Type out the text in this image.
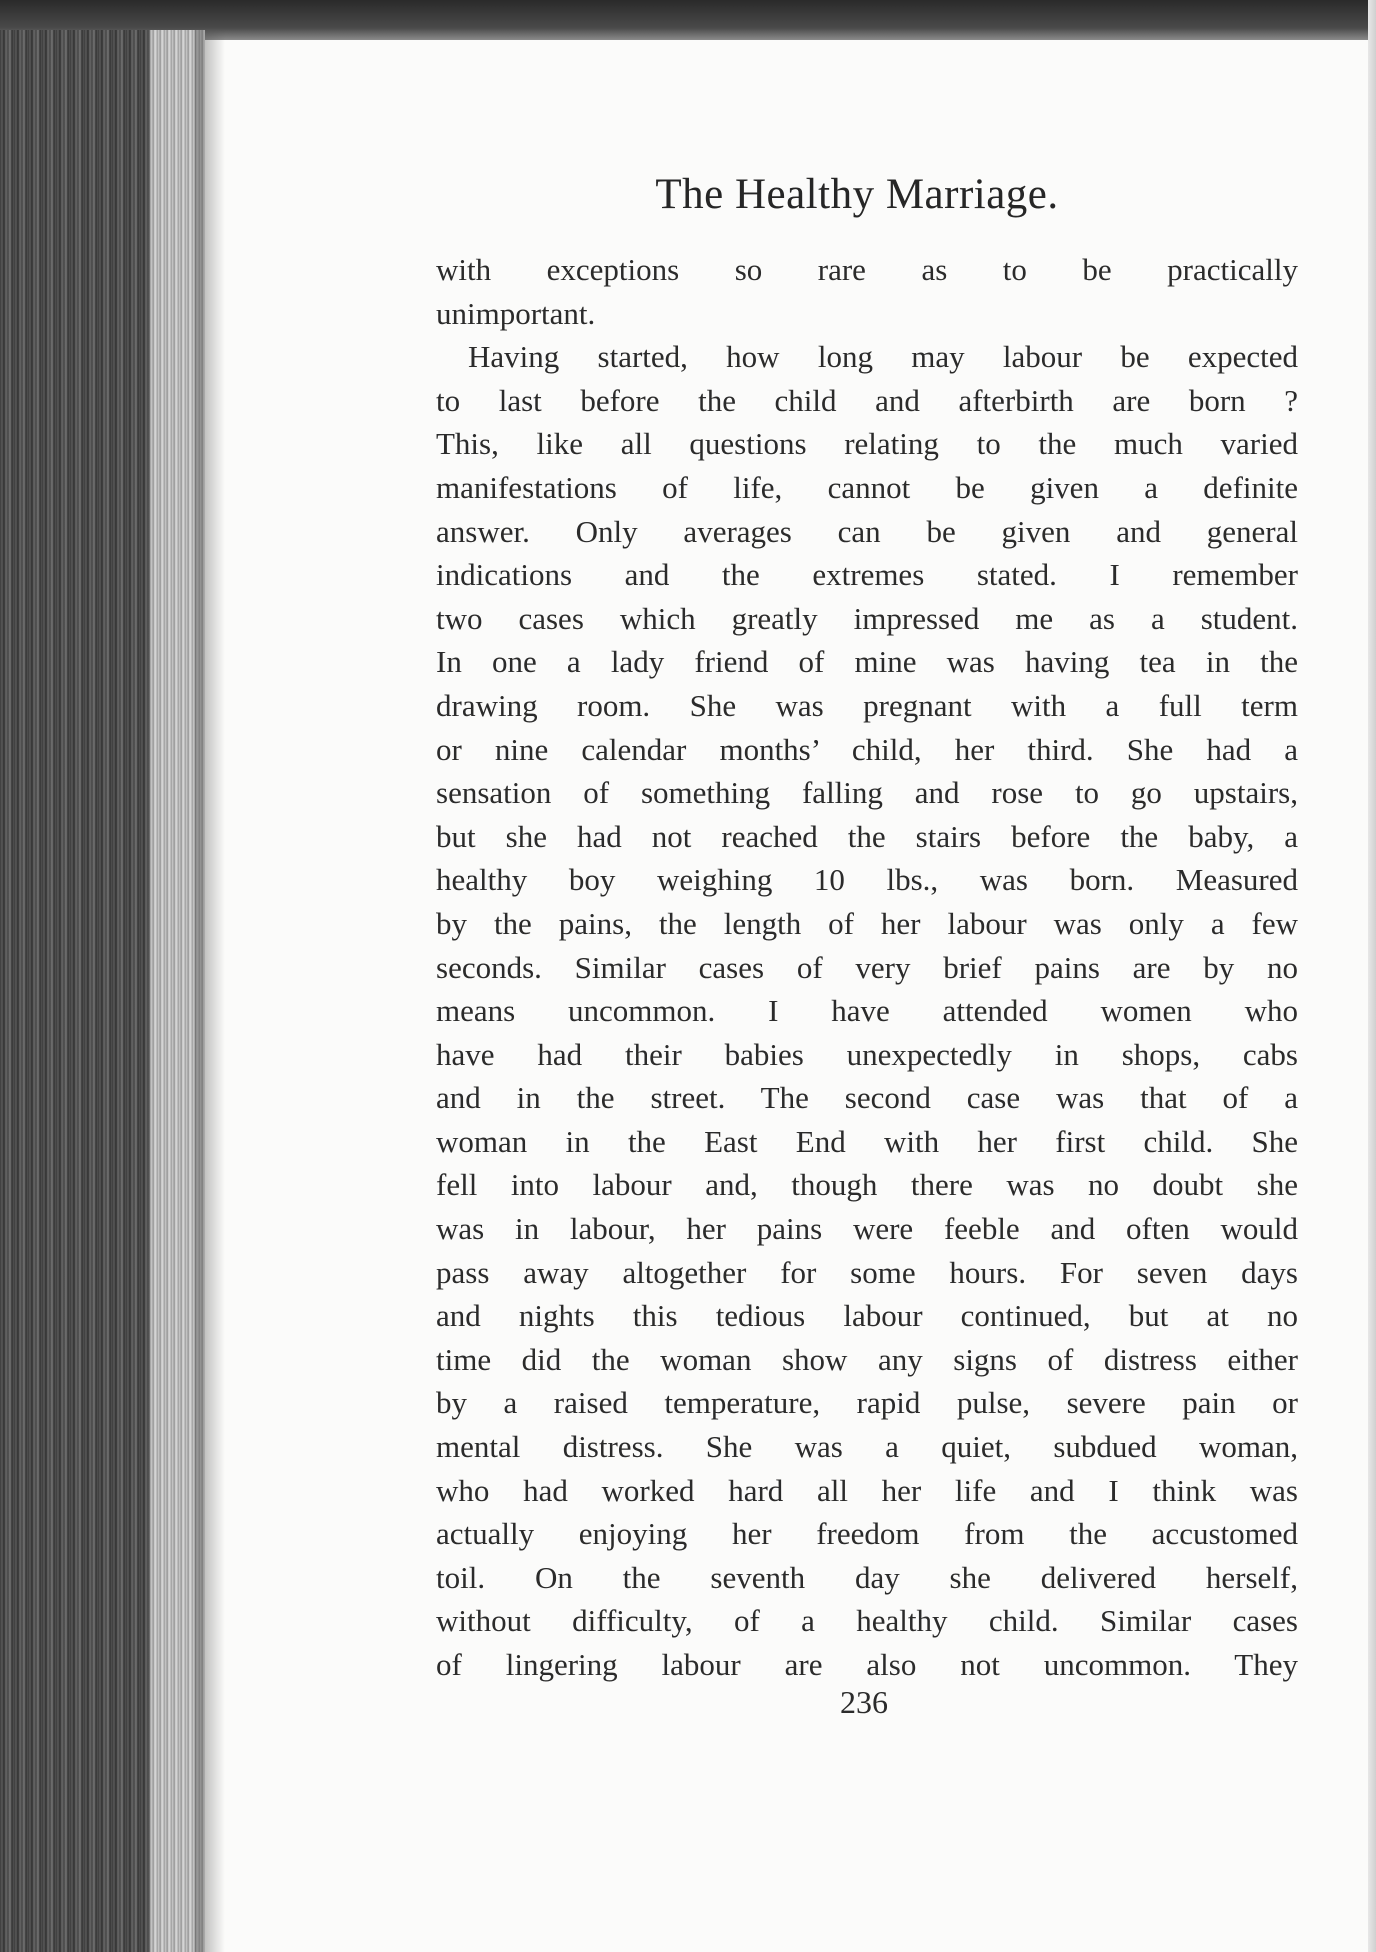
The Healthy Marriage.
with exceptions so rare as to be practically
unimportant.
Having started, how long may labour be expected
to last before the child and afterbirth are born ?
This, like all questions relating to the much varied
manifestations of life, cannot be given a definite
answer. Only averages can be given and general
indications and the extremes stated. I remember
two cases which greatly impressed me as a student.
In one a lady friend of mine was having tea in the
drawing room. She was pregnant with a full term
or nine calendar months’ child, her third. She had a
sensation of something falling and rose to go upstairs,
but she had not reached the stairs before the baby, a
healthy boy weighing 10 lbs., was born. Measured
by the pains, the length of her labour was only a few
seconds. Similar cases of very brief pains are by no
means uncommon. I have attended women who
have had their babies unexpectedly in shops, cabs
and in the street. The second case was that of a
woman in the East End with her first child. She
fell into labour and, though there was no doubt she
was in labour, her pains were feeble and often would
pass away altogether for some hours. For seven days
and nights this tedious labour continued, but at no
time did the woman show any signs of distress either
by a raised temperature, rapid pulse, severe pain or
mental distress. She was a quiet, subdued woman,
who had worked hard all her life and I think was
actually enjoying her freedom from the accustomed
toil. On the seventh day she delivered herself,
without difficulty, of a healthy child. Similar cases
of lingering labour are also not uncommon. They
236
